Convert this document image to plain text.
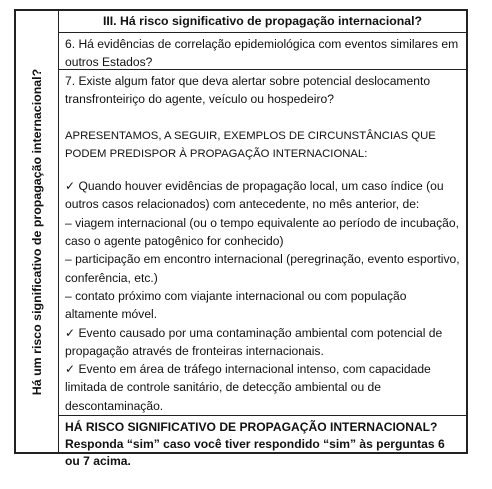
Há um risco significativo de propagação internacional?
III. Há risco significativo de propagação internacional?
6. Há evidências de correlação epidemiológica com eventos similares em outros Estados?

7. Existe algum fator que deva alertar sobre potencial deslocamento transfronteiriço do agente, veículo ou hospedeiro?

APRESENTAMOS, A SEGUIR, EXEMPLOS DE CIRCUNSTÂNCIAS QUE PODEM PREDISPOR À PROPAGAÇÃO INTERNACIONAL:

✓ Quando houver evidências de propagação local, um caso índice (ou outros casos relacionados) com antecedente, no mês anterior, de:

– viagem internacional (ou o tempo equivalente ao período de incubação, caso o agente patogênico for conhecido)

– participação em encontro internacional (peregrinação, evento esportivo, conferência, etc.)

– contato próximo com viajante internacional ou com população altamente móvel.

✓ Evento causado por uma contaminação ambiental com potencial de propagação através de fronteiras internacionais.

✓ Evento em área de tráfego internacional intenso, com capacidade limitada de controle sanitário, de detecção ambiental ou de descontaminação.

HÁ RISCO SIGNIFICATIVO DE PROPAGAÇÃO INTERNACIONAL? Responda “sim” caso você tiver respondido “sim” às perguntas 6 ou 7 acima.
